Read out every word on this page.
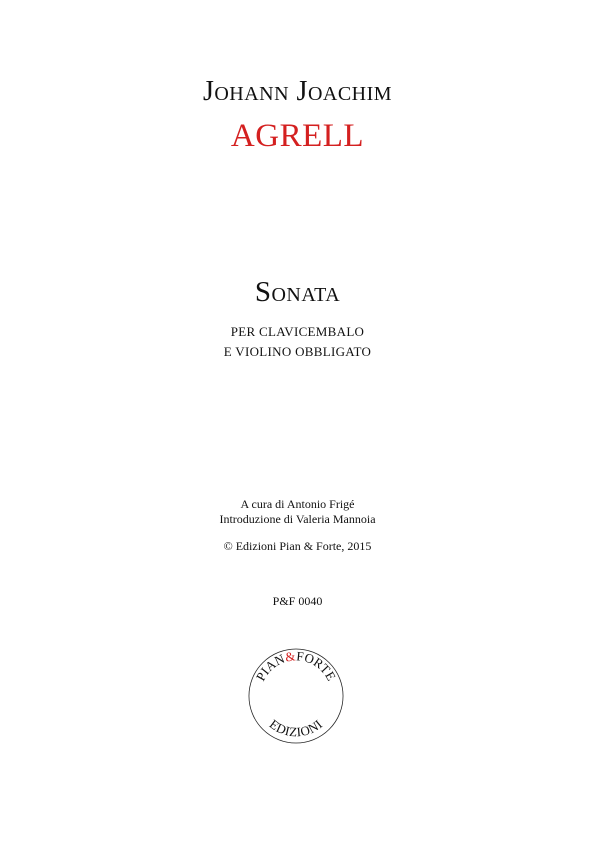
Johann Joachim
AGRELL
Sonata
PER CLAVICEMBALO
E VIOLINO OBBLIGATO
A cura di Antonio Frigé
Introduzione di Valeria Mannoia
© Edizioni Pian & Forte, 2015
P&F 0040
PIAN&FORTE
EDIZIONI
